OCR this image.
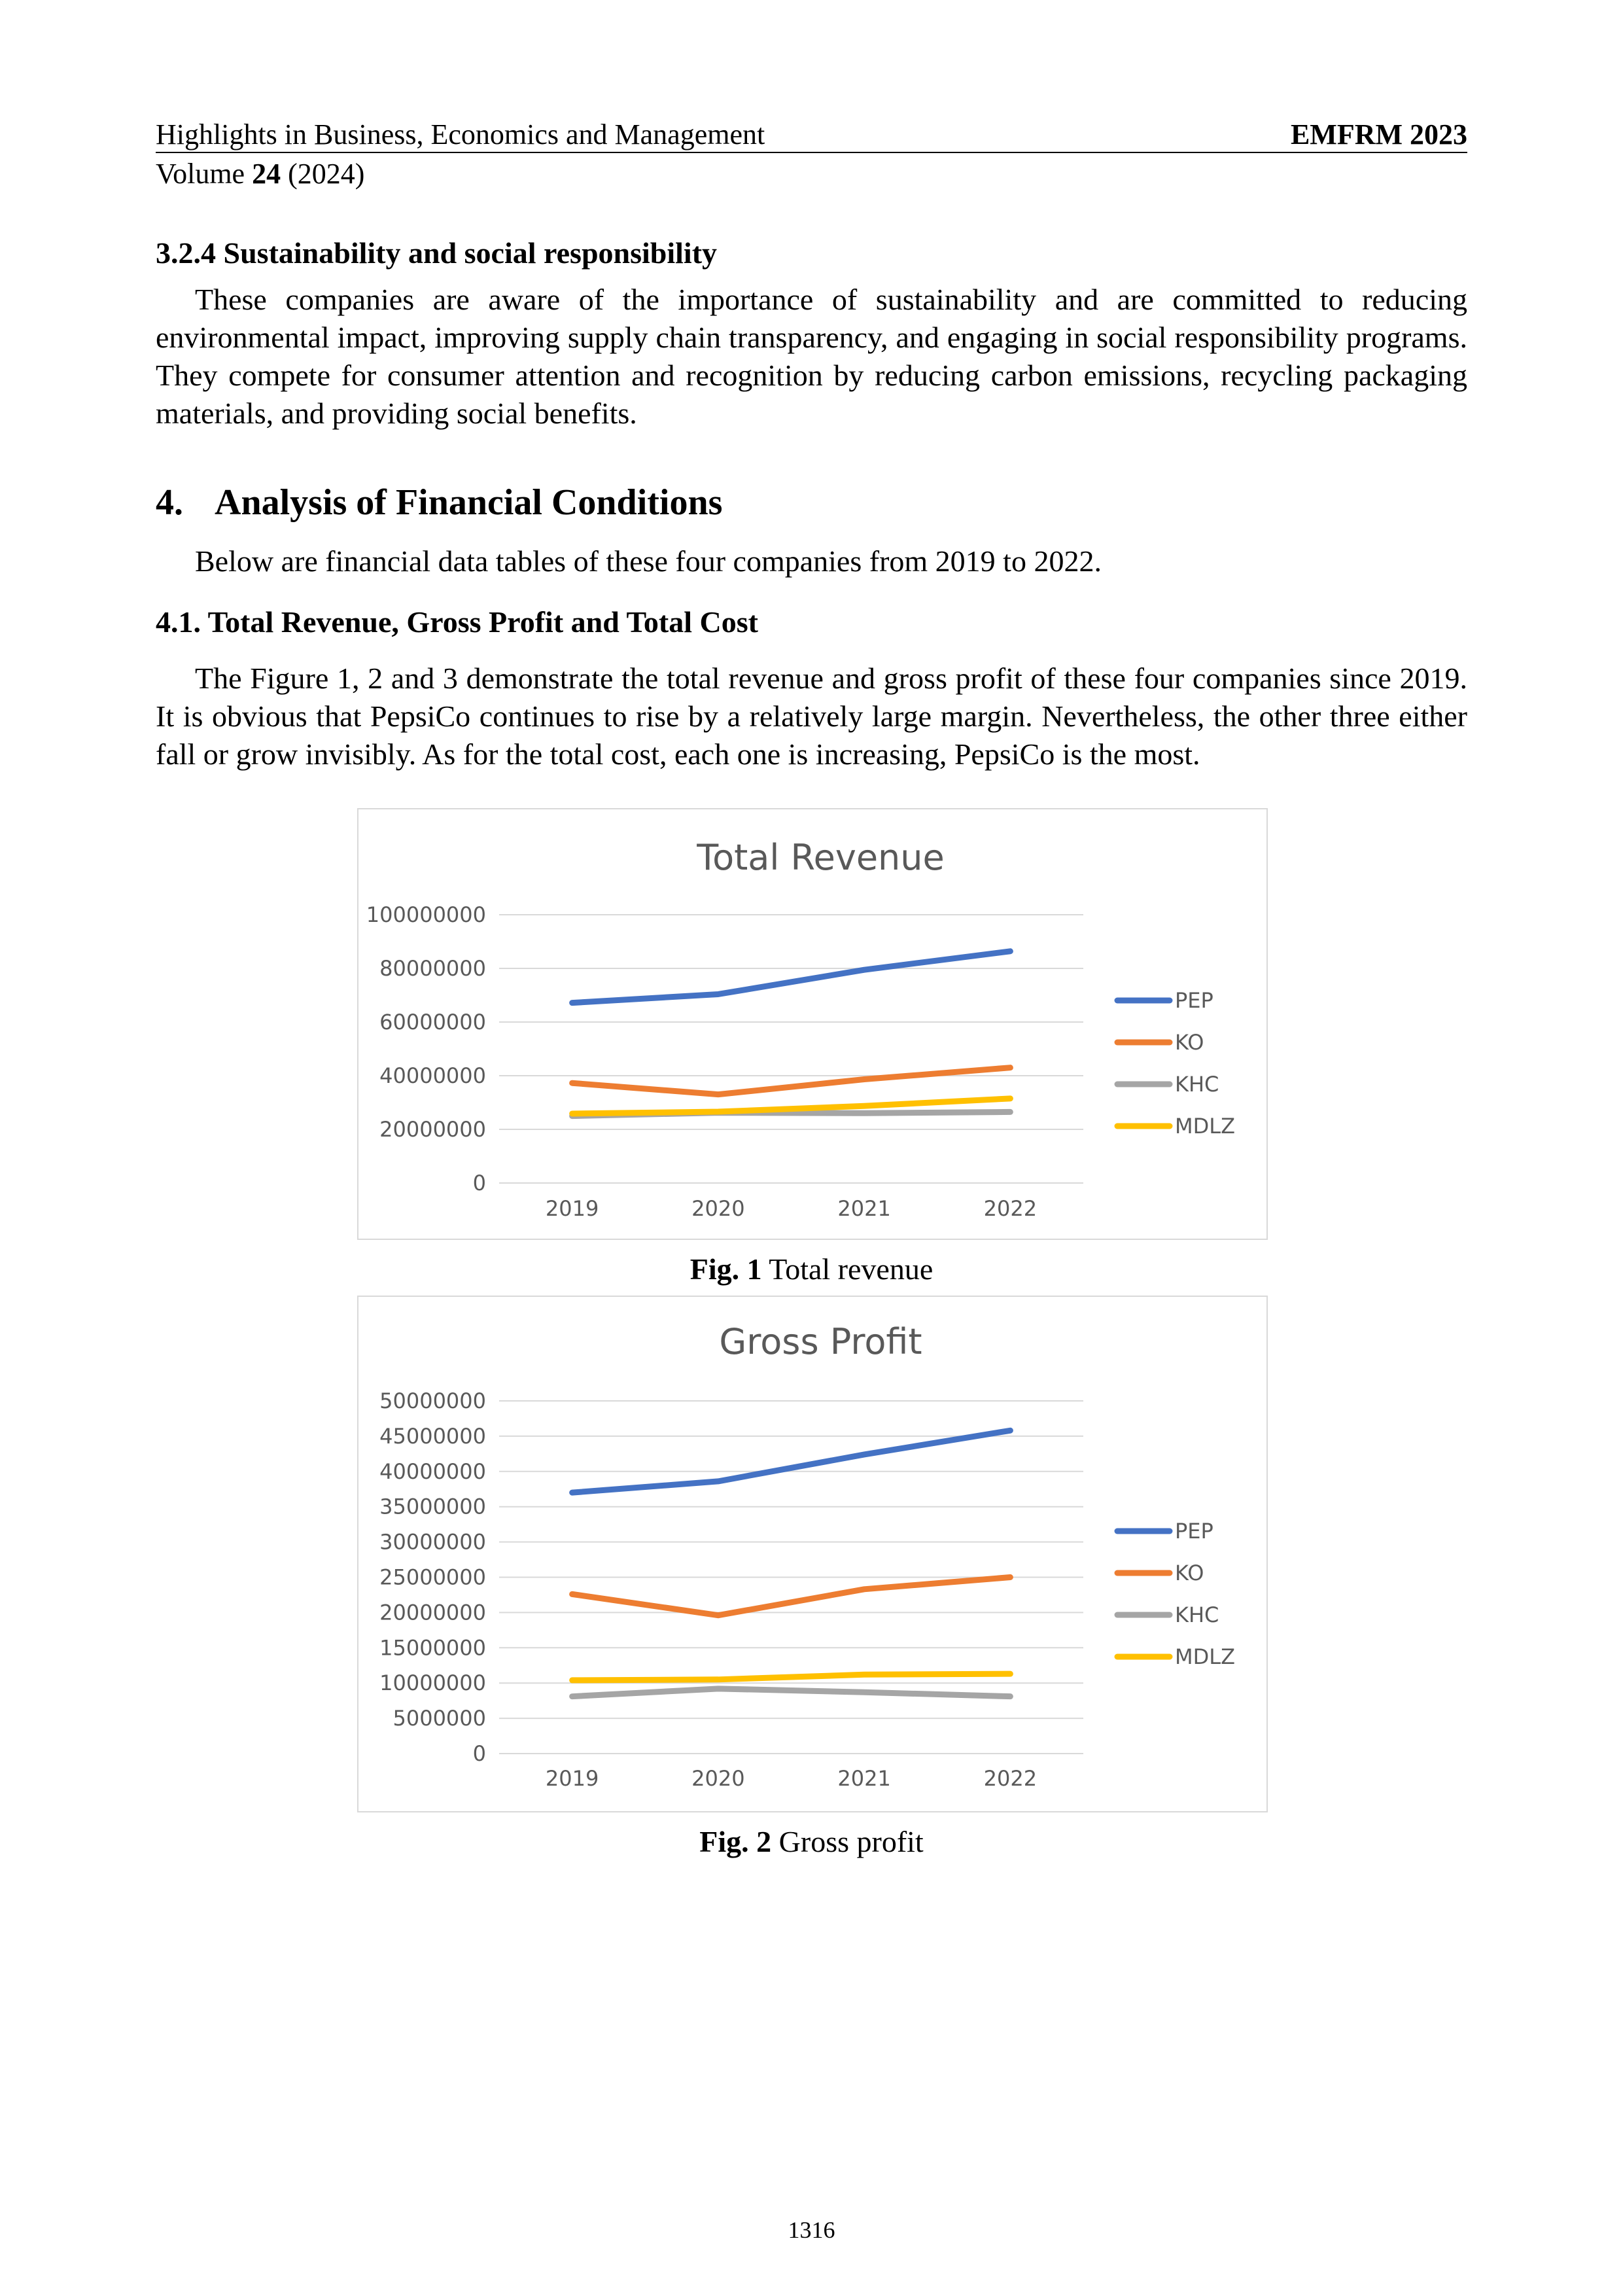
Highlights in Business, Economics and Management	EMFRM 2023
Volume 24 (2024)
3.2.4 Sustainability and social responsibility
These companies are aware of the importance of sustainability and are committed to reducing environmental impact, improving supply chain transparency, and engaging in social responsibility programs. They compete for consumer attention and recognition by reducing carbon emissions, recycling packaging materials, and providing social benefits.
4. Analysis of Financial Conditions
Below are financial data tables of these four companies from 2019 to 2022.
4.1. Total Revenue, Gross Profit and Total Cost
The Figure 1, 2 and 3 demonstrate the total revenue and gross profit of these four companies since 2019. It is obvious that PepsiCo continues to rise by a relatively large margin. Nevertheless, the other three either fall or grow invisibly. As for the total cost, each one is increasing, PepsiCo is the most.
Total Revenue
0
20000000
40000000
60000000
80000000
100000000
2019	2020	2021	2022
PEP
KO
KHC
MDLZ
Fig. 1 Total revenue
Gross Profit
0
5000000
10000000
15000000
20000000
25000000
30000000
35000000
40000000
45000000
50000000
2019	2020	2021	2022
PEP
KO
KHC
MDLZ
Fig. 2 Gross profit
1316
